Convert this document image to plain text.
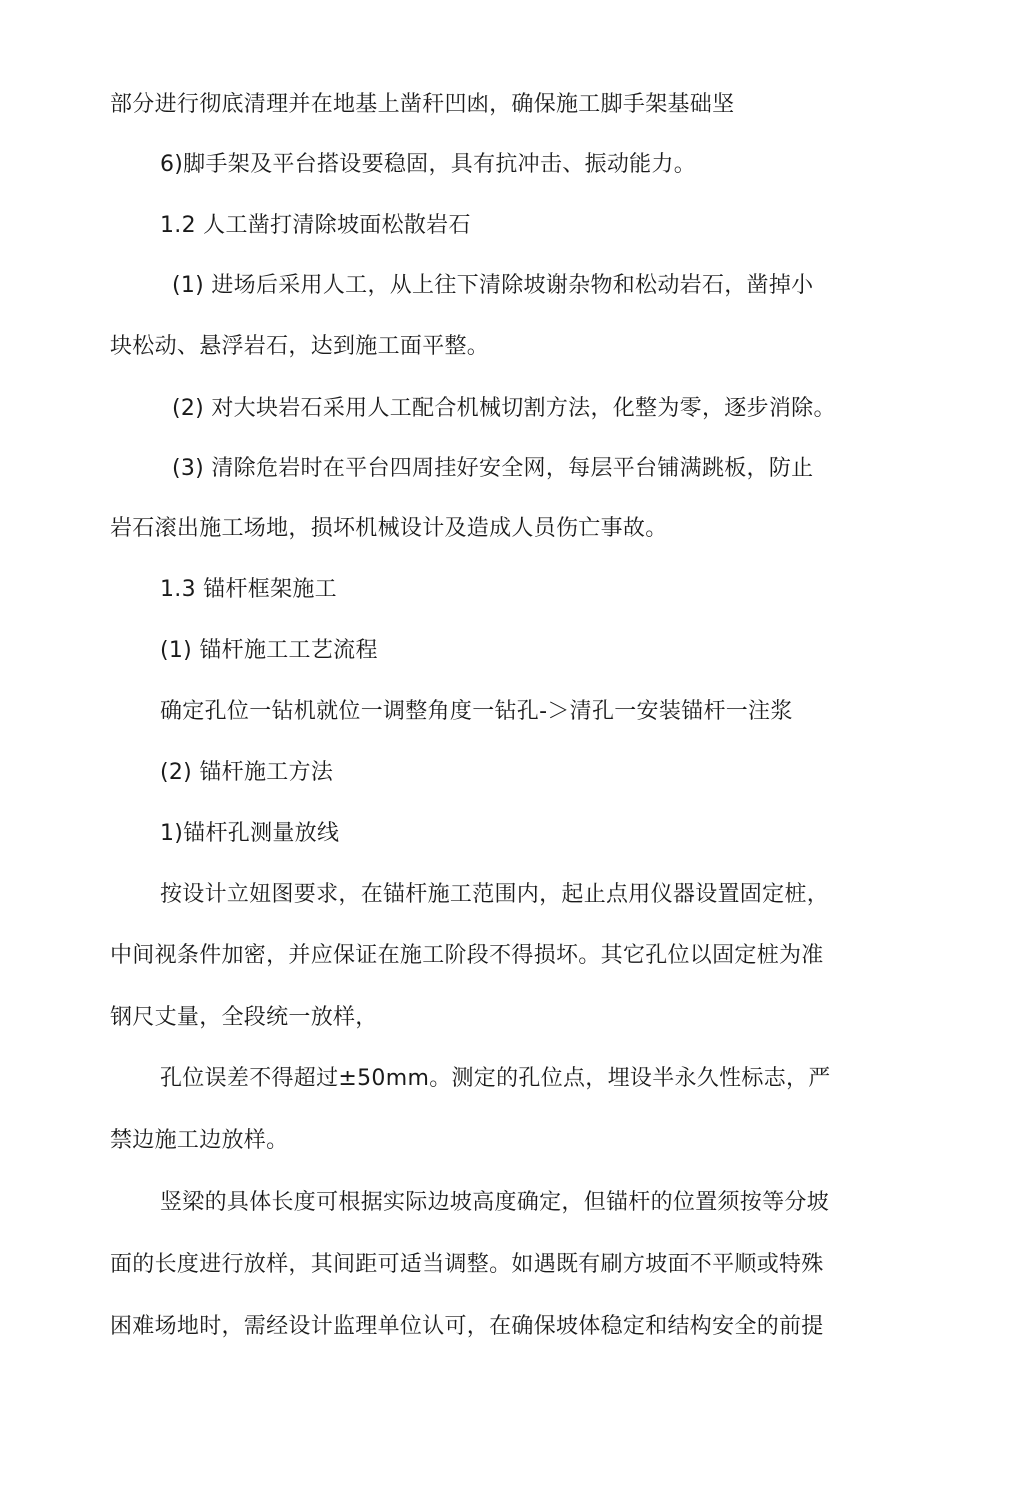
部分进行彻底清理并在地基上凿秆凹凼，确保施工脚手架基础坚
6)脚手架及平台搭设要稳固，具有抗冲击、振动能力。
1.2 人工凿打清除坡面松散岩石
(1) 进场后采用人工，从上往下清除坡谢杂物和松动岩石，凿掉小
块松动、悬浮岩石，达到施工面平整。
(2) 对大块岩石采用人工配合机械切割方法，化整为零，逐步消除。
(3) 清除危岩时在平台四周挂好安全网，每层平台铺满跳板，防止
岩石滚出施工场地，损坏机械设计及造成人员伤亡事故。
1.3 锚杆框架施工
(1) 锚杆施工工艺流程
确定孔位一钻机就位一调整角度一钻孔-＞清孔一安装锚杆一注浆
(2) 锚杆施工方法
1)锚杆孔测量放线
按设计立妞图要求，在锚杆施工范围内，起止点用仪器设置固定桩，
中间视条件加密，并应保证在施工阶段不得损坏。其它孔位以固定桩为准
钢尺丈量，全段统一放样，
孔位误差不得超过±50mm。测定的孔位点，埋设半永久性标志，严
禁边施工边放样。
竖梁的具体长度可根据实际边坡高度确定，但锚杆的位置须按等分坡
面的长度进行放样，其间距可适当调整。如遇既有刷方坡面不平顺或特殊
困难场地时，需经设计监理单位认可，在确保坡体稳定和结构安全的前提
